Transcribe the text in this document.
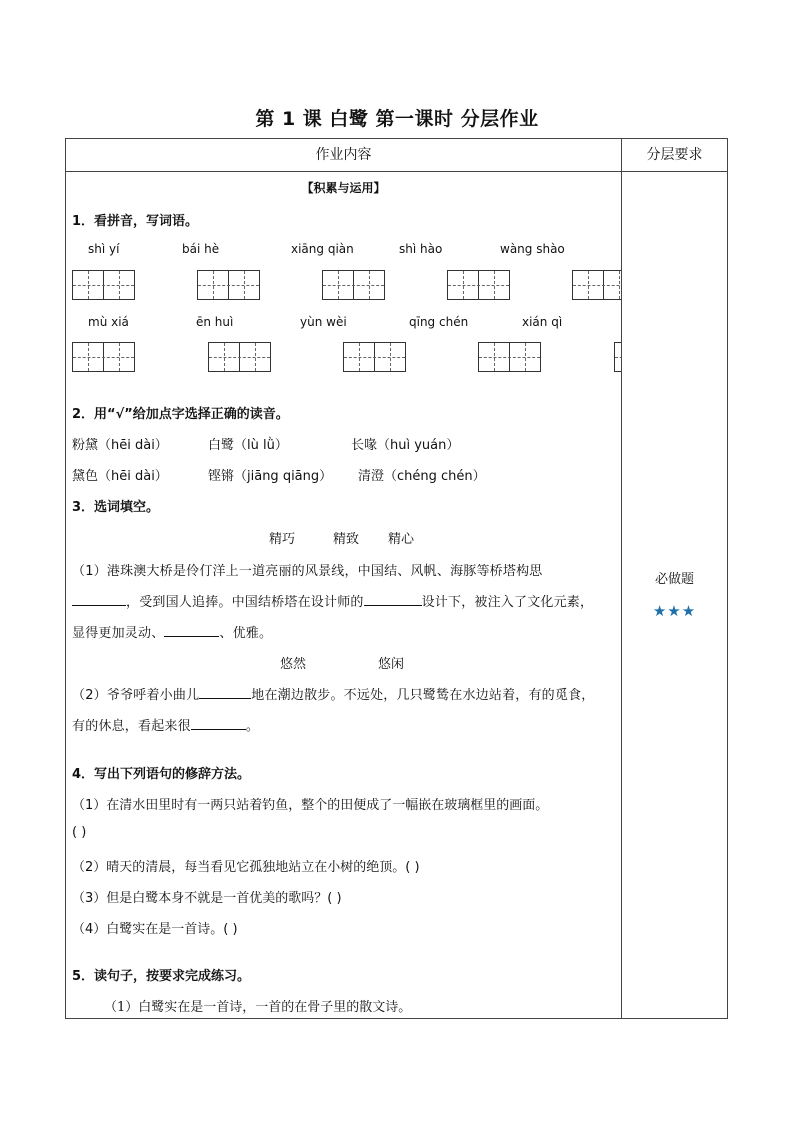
第 1 课 白鹭 第一课时 分层作业
作业内容	分层要求
【积累与运用】
1．看拼音，写词语。
shì yí	bái hè	xiāng qiàn	shì hào	wàng shào
mù xiá	ēn huì	yùn wèi	qīng chén	xián qì
2．用“√”给加点字选择正确的读音。
粉黛（hēi dài）	白鹭（lù lǜ）	长喙（huì yuán）
黛色（hēi dài）	铿锵（jiāng qiāng） 清澄（chéng chén）
3．选词填空。
精巧	精致 精心
（1）港珠澳大桥是伶仃洋上一道亮丽的风景线，中国结、风帆、海豚等桥塔构思
，受到国人追捧。中国结桥塔在设计师的	设计下，被注入了文化元素，
显得更加灵动、	、优雅。
悠然	悠闲
（2）爷爷呼着小曲儿	地在潮边散步。不远处，几只鹭鸶在水边站着，有的觅食，
有的休息，看起来很	。
4．写出下列语句的修辞方法。
（1）在清水田里时有一两只站着钓鱼，整个的田便成了一幅嵌在玻璃框里的画面。
( )
（2）晴天的清晨，每当看见它孤独地站立在小树的绝顶。( )
（3）但是白鹭本身不就是一首优美的歌吗？( )
（4）白鹭实在是一首诗。( )
5．读句子，按要求完成练习。
（1）白鹭实在是一首诗，一首的在骨子里的散文诗。
必做题
★★★
